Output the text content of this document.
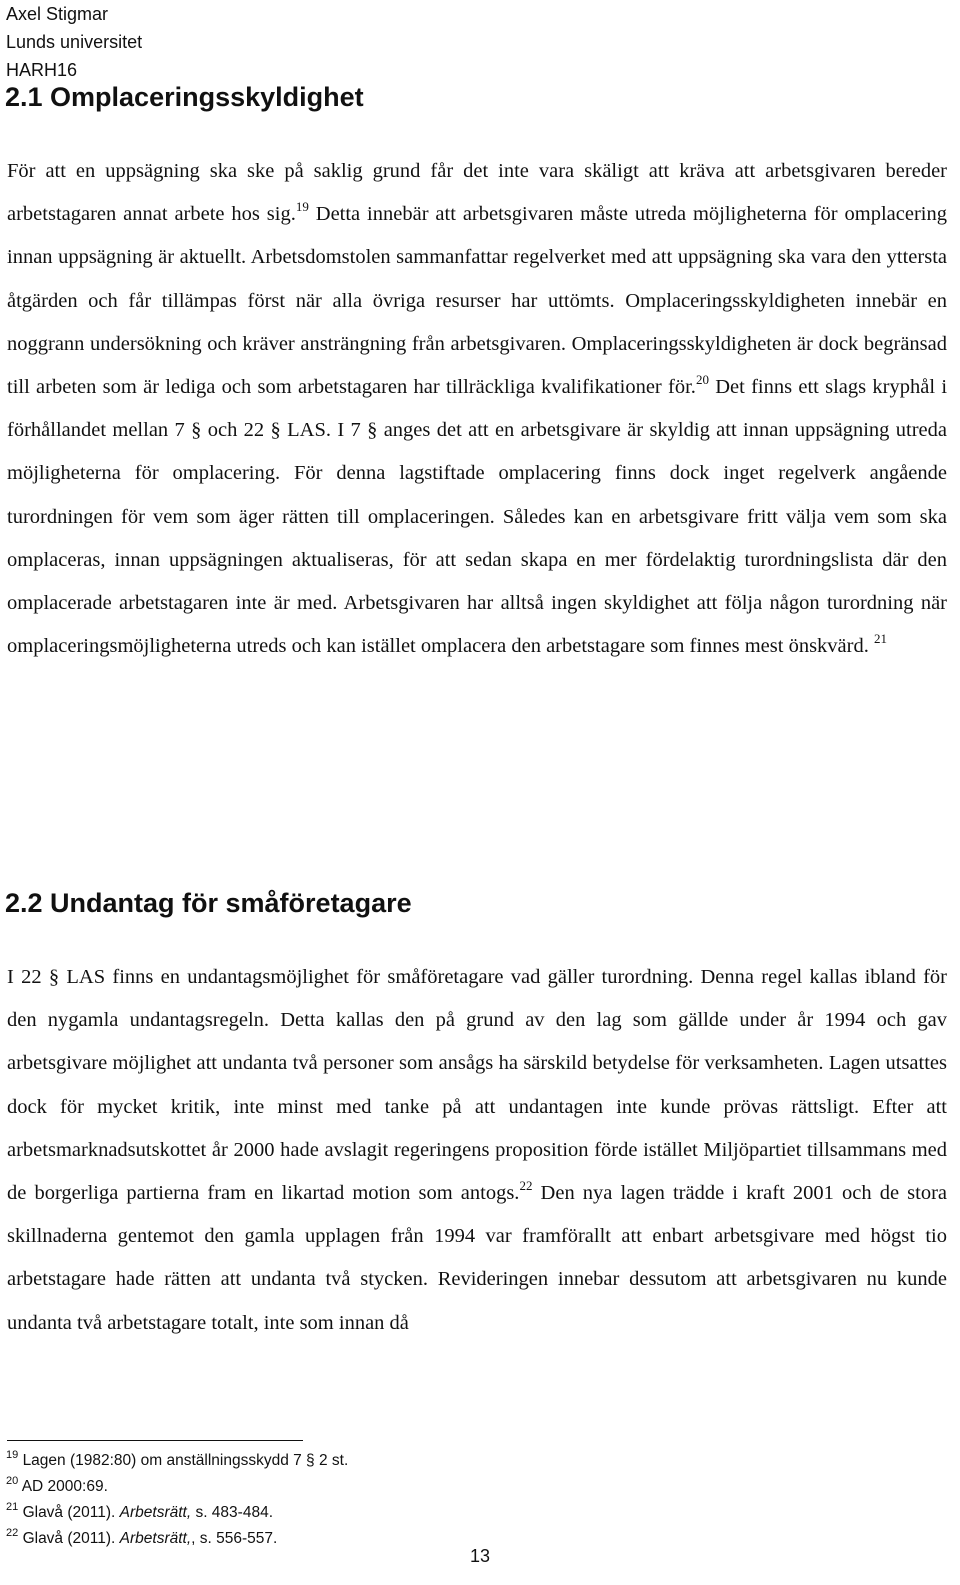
Axel Stigmar
Lunds universitet
HARH16
2.1 Omplaceringsskyldighet

För att en uppsägning ska ske på saklig grund får det inte vara skäligt att kräva att arbetsgivaren bereder arbetstagaren annat arbete hos sig.$^{19}$ Detta innebär att arbetsgivaren måste utreda möjligheterna för omplacering innan uppsägning är aktuellt. Arbetsdomstolen sammanfattar regelverket med att uppsägning ska vara den yttersta åtgärden och får tillämpas först när alla övriga resurser har uttömts. Omplaceringsskyldigheten innebär en noggrann undersökning och kräver ansträngning från arbetsgivaren. Omplaceringsskyldigheten är dock begränsad till arbeten som är lediga och som arbetstagaren har tillräckliga kvalifikationer för.$^{20}$ Det finns ett slags kryphål i förhållandet mellan 7 § och 22 § LAS. I 7 § anges det att en arbetsgivare är skyldig att innan uppsägning utreda möjligheterna för omplacering. För denna lagstiftade omplacering finns dock inget regelverk angående turordningen för vem som äger rätten till omplaceringen. Således kan en arbetsgivare fritt välja vem som ska omplaceras, innan uppsägningen aktualiseras, för att sedan skapa en mer fördelaktig turordningslista där den omplacerade arbetstagaren inte är med. Arbetsgivaren har alltså ingen skyldighet att följa någon turordning när omplaceringsmöjligheterna utreds och kan istället omplacera den arbetstagare som finnes mest önskvärd. $^{21}$

2.2 Undantag för småföretagare

I 22 § LAS finns en undantagsmöjlighet för småföretagare vad gäller turordning. Denna regel kallas ibland för den nygamla undantagsregeln. Detta kallas den på grund av den lag som gällde under år 1994 och gav arbetsgivare möjlighet att undanta två personer som ansågs ha särskild betydelse för verksamheten. Lagen utsattes dock för mycket kritik, inte minst med tanke på att undantagen inte kunde prövas rättsligt. Efter att arbetsmarknadsutskottet år 2000 hade avslagit regeringens proposition förde istället Miljöpartiet tillsammans med de borgerliga partierna fram en likartad motion som antogs.$^{22}$ Den nya lagen trädde i kraft 2001 och de stora skillnaderna gentemot den gamla upplagen från 1994 var framförallt att enbart arbetsgivare med högst tio arbetstagare hade rätten att undanta två stycken. Revideringen innebar dessutom att arbetsgivaren nu kunde undanta två arbetstagare totalt, inte som innan då

$^{19}$ Lagen (1982:80) om anställningsskydd 7 § 2 st.
$^{20}$ AD 2000:69.
$^{21}$ Glavå (2011). Arbetsrätt, s. 483-484.
$^{22}$ Glavå (2011). Arbetsrätt,, s. 556-557.
13
